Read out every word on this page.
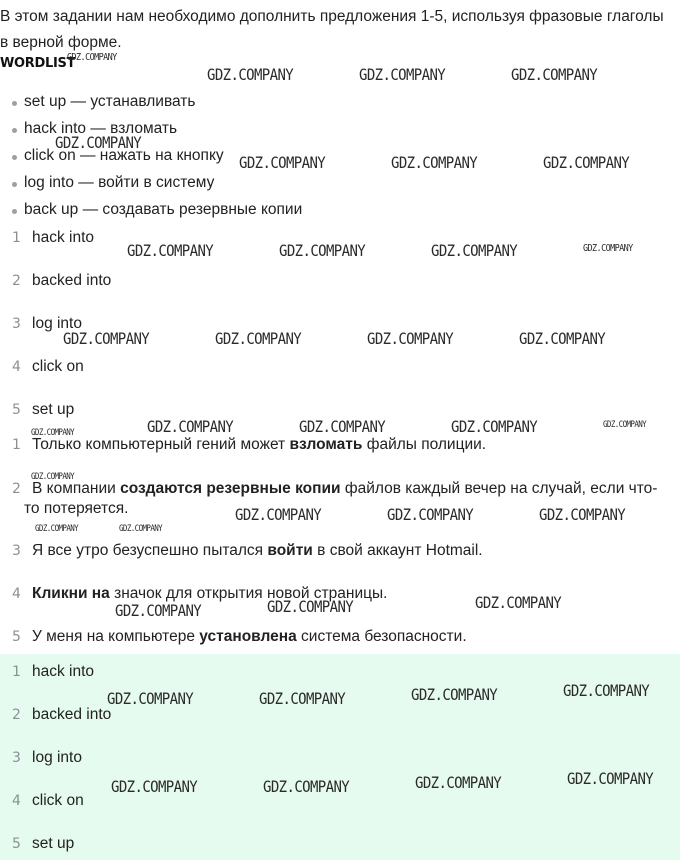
В этом задании нам необходимо дополнить предложения 1-5, используя фразовые глаголы в верной форме.
WORDLIST
set up — устанавливать
hack into — взломать
click on — нажать на кнопку
log into — войти в систему
back up — создавать резервные копии
1 hack into
2 backed into
3 log into
4 click on
5 set up
1 Только компьютерный гений может взломать файлы полиции.
2 В компании создаются резервные копии файлов каждый вечер на случай, если что-
то потеряется.
3 Я все утро безуспешно пытался войти в свой аккаунт Hotmail.
4 Кликни на значок для открытия новой страницы.
5 У меня на компьютере установлена система безопасности.
1 hack into
2 backed into
3 log into
4 click on
5 set up
GDZ.COMPANY
GDZ.COMPANY	GDZ.COMPANY	GDZ.COMPANY
GDZ.COMPANY
GDZ.COMPANY	GDZ.COMPANY	GDZ.COMPANY
GDZ.COMPANY	GDZ.COMPANY	GDZ.COMPANY	GDZ.COMPANY
GDZ.COMPANY	GDZ.COMPANY	GDZ.COMPANY	GDZ.COMPANY
GDZ.COMPANY	GDZ.COMPANY	GDZ.COMPANY	GDZ.COMPANY
GDZ.COMPANY
GDZ.COMPANY
GDZ.COMPANY	GDZ.COMPANY	GDZ.COMPANY
GDZ.COMPANY	GDZ.COMPANY
GDZ.COMPANY
GDZ.COMPANY	GDZ.COMPANY
GDZ.COMPANY
GDZ.COMPANY
GDZ.COMPANY	GDZ.COMPANY
GDZ.COMPANY
GDZ.COMPANY
GDZ.COMPANY	GDZ.COMPANY
